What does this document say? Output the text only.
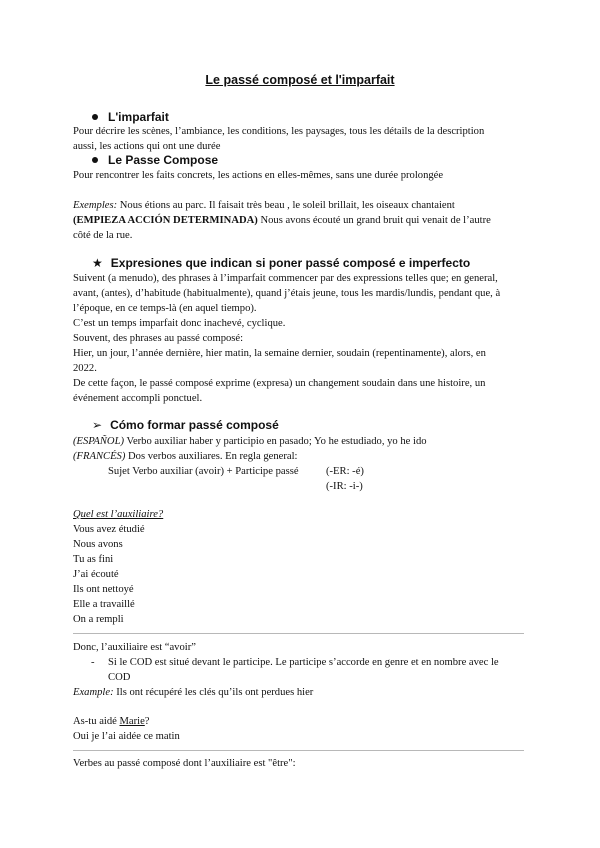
Le passé composé et l'imparfait
L'imparfait
Pour décrire les scènes, l’ambiance, les conditions, les paysages, tous les détails de la description
aussi, les actions qui ont une durée
Le Passe Compose
Pour rencontrer les faits concrets, les actions en elles-mêmes, sans une durée prolongée
Exemples: Nous étions au parc. Il faisait très beau , le soleil brillait, les oiseaux chantaient
(EMPIEZA ACCIÓN DETERMINADA) Nous avons écouté un grand bruit qui venait de l’autre
côté de la rue.
★ Expresiones que indican si poner passé composé e imperfecto
Suivent (a menudo), des phrases à l’imparfait commencer par des expressions telles que; en general,
avant, (antes), d’habitude (habitualmente), quand j’étais jeune, tous les mardis/lundis, pendant que, à
l’époque, en ce temps-là (en aquel tiempo).
C’est un temps imparfait donc inachevé, cyclique.
Souvent, des phrases au passé composé:
Hier, un jour, l’année dernière, hier matin, la semaine dernier, soudain (repentinamente), alors, en
2022.
De cette façon, le passé composé exprime (expresa) un changement soudain dans une histoire, un
événement accompli ponctuel.
➢ Cómo formar passé composé
(ESPAÑOL) Verbo auxiliar haber y participio en pasado; Yo he estudiado, yo he ido
(FRANCÉS) Dos verbos auxiliares. En regla general:
Sujet Verbo auxiliar (avoir) + Participe passé	(-ER: -é)
(-IR: -i-)
Quel est l’auxiliaire?
Vous avez étudié
Nous avons
Tu as fini
J’ai écouté
Ils ont nettoyé
Elle a travaillé
On a rempli
Donc, l’auxiliaire est “avoir”
- Si le COD est situé devant le participe. Le participe s’accorde en genre et en nombre avec le
COD
Example: Ils ont récupéré les clés qu’ils ont perdues hier
As-tu aidé Marie?
Oui je l’ai aidée ce matin
Verbes au passé composé dont l’auxiliaire est "être":
